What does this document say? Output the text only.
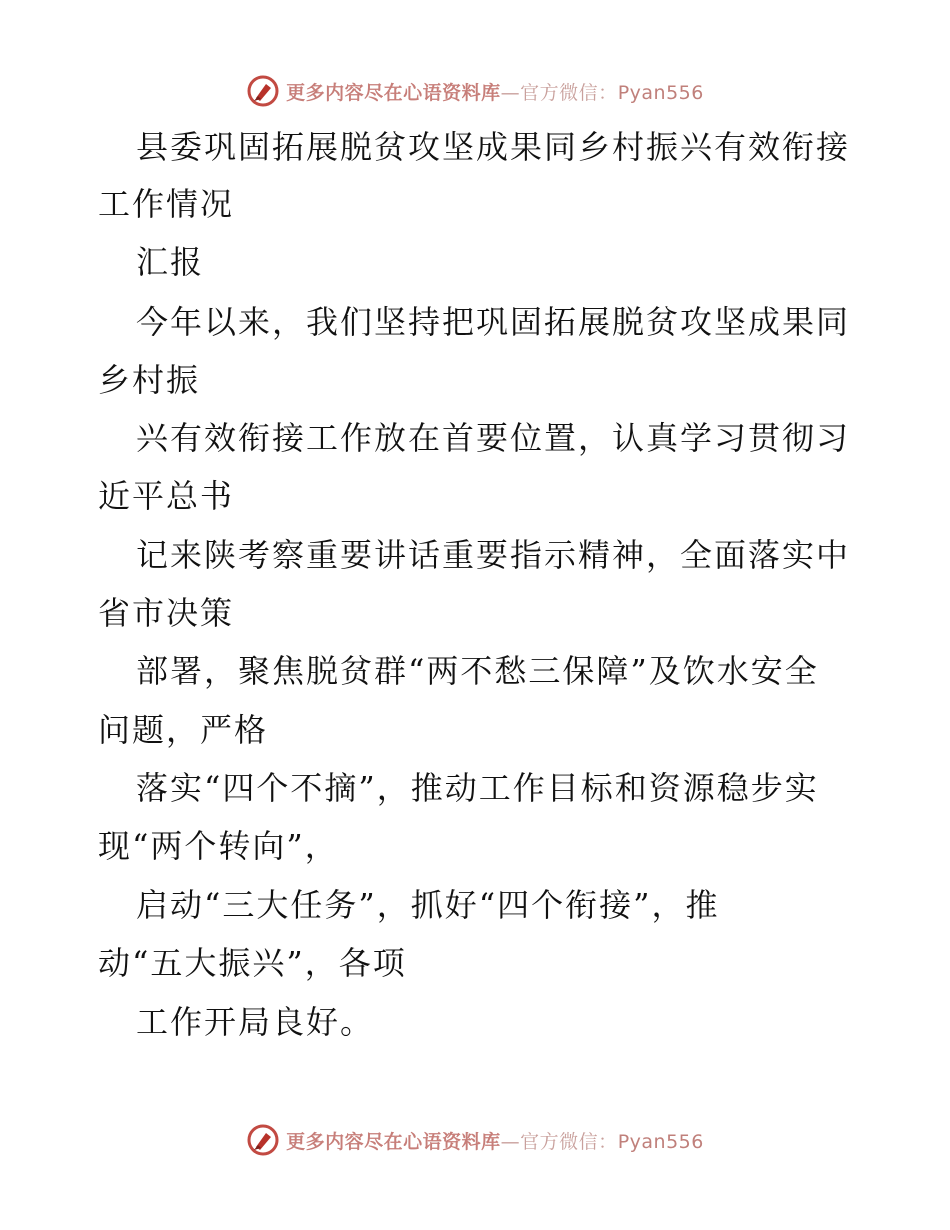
更多内容尽在心语资料库—官方微信：Pyan556
县委巩固拓展脱贫攻坚成果同乡村振兴有效衔接
工作情况
汇报
今年以来，我们坚持把巩固拓展脱贫攻坚成果同
乡村振
兴有效衔接工作放在首要位置，认真学习贯彻习
近平总书
记来陕考察重要讲话重要指示精神，全面落实中
省市决策
部署，聚焦脱贫群“两不愁三保障”及饮水安全
问题，严格
落实“四个不摘”，推动工作目标和资源稳步实
现“两个转向”，
启动“三大任务”，抓好“四个衔接”，推
动“五大振兴”，各项
工作开局良好。
更多内容尽在心语资料库—官方微信：Pyan556
